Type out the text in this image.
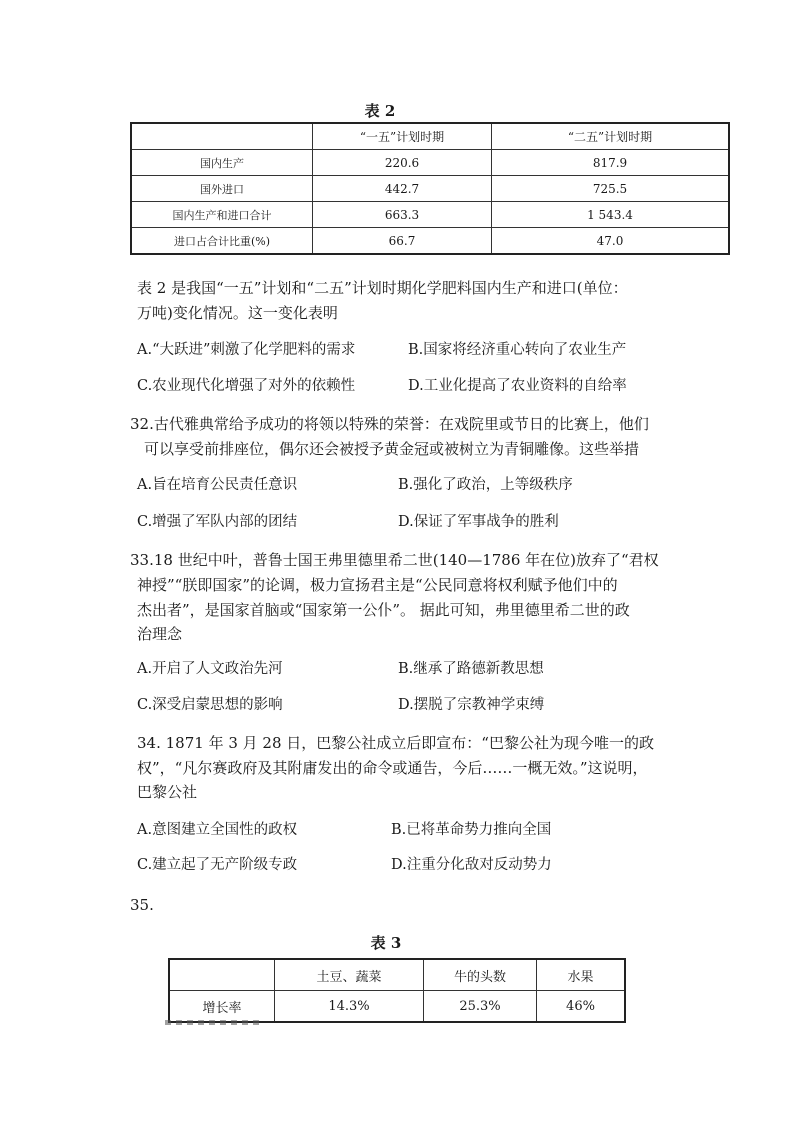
表 2
	“一五”计划时期	“二五”计划时期
国内生产	220.6	817.9
国外进口	442.7	725.5
国内生产和进口合计	663.3	1 543.4
进口占合计比重(%)	66.7	47.0
表 2 是我国“一五”计划和“二五”计划时期化学肥料国内生产和进口(单位：
万吨)变化情况。这一变化表明
A.“大跃进”刺激了化学肥料的需求	B.国家将经济重心转向了农业生产
C.农业现代化增强了对外的依赖性	D.工业化提高了农业资料的自给率
32.古代雅典常给予成功的将领以特殊的荣誉：在戏院里或节日的比赛上，他们
可以享受前排座位，偶尔还会被授予黄金冠或被树立为青铜雕像。这些举措
A.旨在培育公民责任意识	B.强化了政治，上等级秩序
C.增强了军队内部的团结	D.保证了军事战争的胜利
33.18 世纪中叶，普鲁士国王弗里德里希二世(140—1786 年在位)放弃了“君权
神授”“朕即国家”的论调，极力宣扬君主是“公民同意将权利赋予他们中的
杰出者”，是国家首脑或“国家第一公仆”。 据此可知，弗里德里希二世的政
治理念
A.开启了人文政治先河	B.继承了路德新教思想
C.深受启蒙思想的影响	D.摆脱了宗教神学束缚
34. 1871 年 3 月 28 日，巴黎公社成立后即宣布：“巴黎公社为现今唯一的政
权”，“凡尔赛政府及其附庸发出的命令或通告，今后……一概无效。”这说明，
巴黎公社
A.意图建立全国性的政权	B.已将革命势力推向全国
C.建立起了无产阶级专政	D.注重分化敌对反动势力
35.
表 3
	土豆、蔬菜	牛的头数	水果
增长率	14.3%	25.3%	46%
